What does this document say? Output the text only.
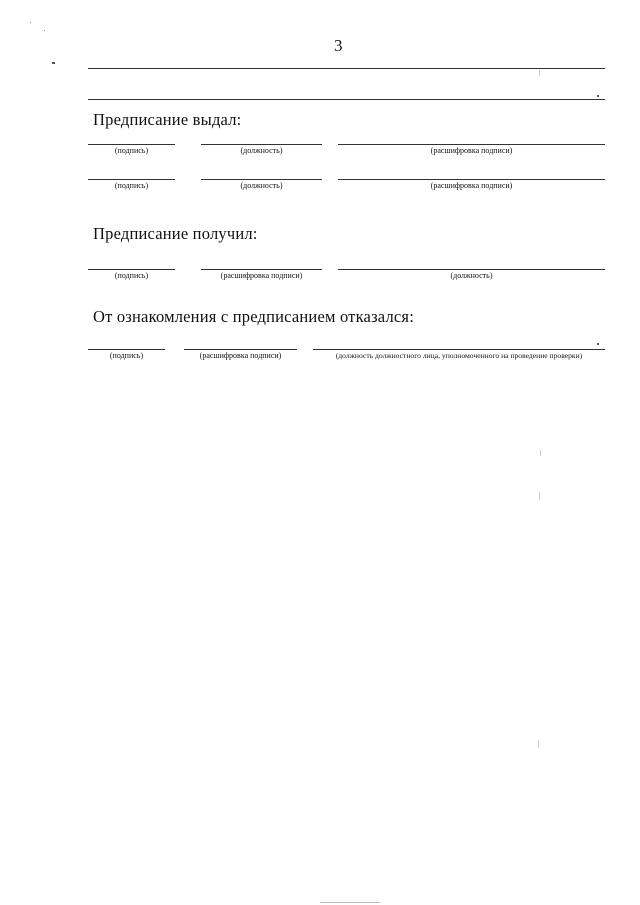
3
Предписание выдал:
(подпись)	(должность)	(расшифровка подписи)
(подпись)	(должность)	(расшифровка подписи)
Предписание получил:
(подпись)	(расшифровка подписи)	(должность)
От ознакомления с предписанием отказался:
(подпись)	(расшифровка подписи)	(должность должностного лица, уполномоченного на проведение проверки)
